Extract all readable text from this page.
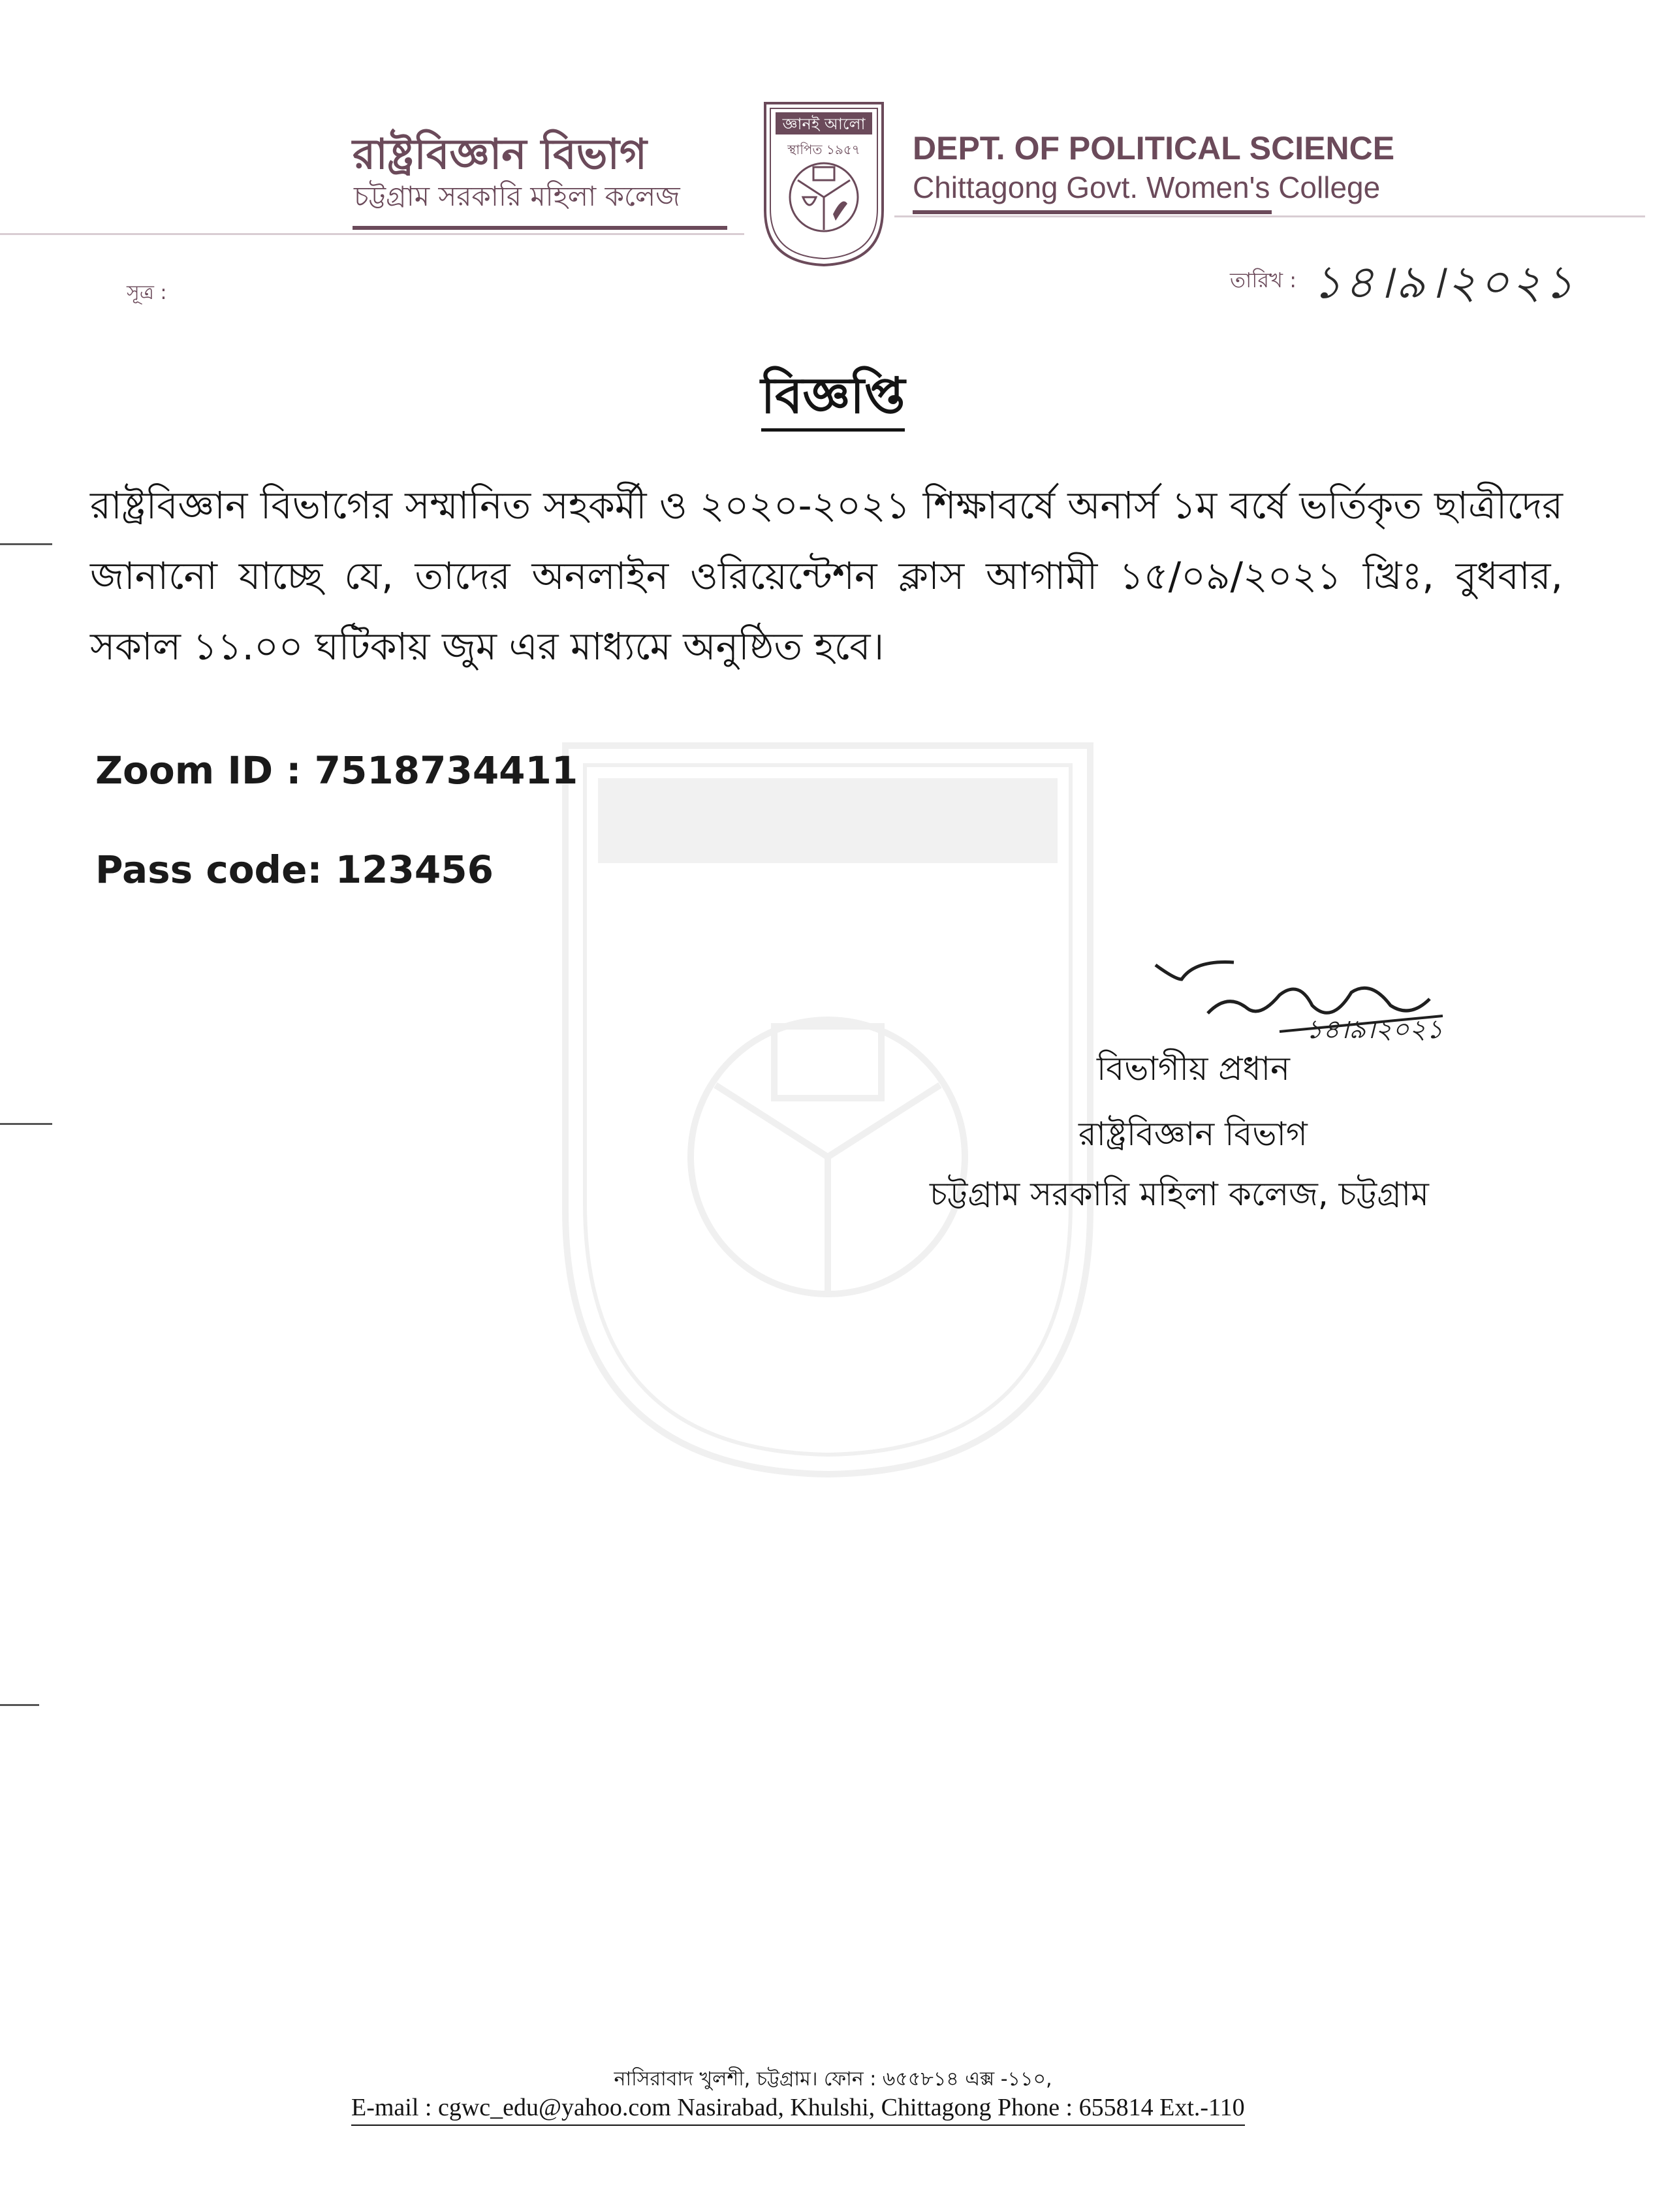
রাষ্ট্রবিজ্ঞান বিভাগ
চট্টগ্রাম সরকারি মহিলা কলেজ
জ্ঞানই আলো
স্থাপিত ১৯৫৭ DEPT. OF POLITICAL SCIENCE
Chittagong Govt. Women's College
সূত্র :
তারিখ : ১৪।৯।২০২১
বিজ্ঞপ্তি
রাষ্ট্রবিজ্ঞান বিভাগের সম্মানিত সহকর্মী ও ২০২০-২০২১ শিক্ষাবর্ষে অনার্স ১ম বর্ষে ভর্তিকৃত ছাত্রীদের জানানো যাচ্ছে যে, তাদের অনলাইন ওরিয়েন্টেশন ক্লাস আগামী ১৫/০৯/২০২১ খ্রিঃ, বুধবার, সকাল ১১.০০ ঘটিকায় জুম এর মাধ্যমে অনুষ্ঠিত হবে।
Zoom ID : 7518734411
Pass code: 123456
১৪।৯।২০২১
বিভাগীয় প্রধান
রাষ্ট্রবিজ্ঞান বিভাগ
চট্টগ্রাম সরকারি মহিলা কলেজ, চট্টগ্রাম
নাসিরাবাদ খুলশী, চট্টগ্রাম। ফোন : ৬৫৫৮১৪ এক্স -১১০,
E-mail : cgwc_edu@yahoo.com Nasirabad, Khulshi, Chittagong Phone : 655814 Ext.-110
